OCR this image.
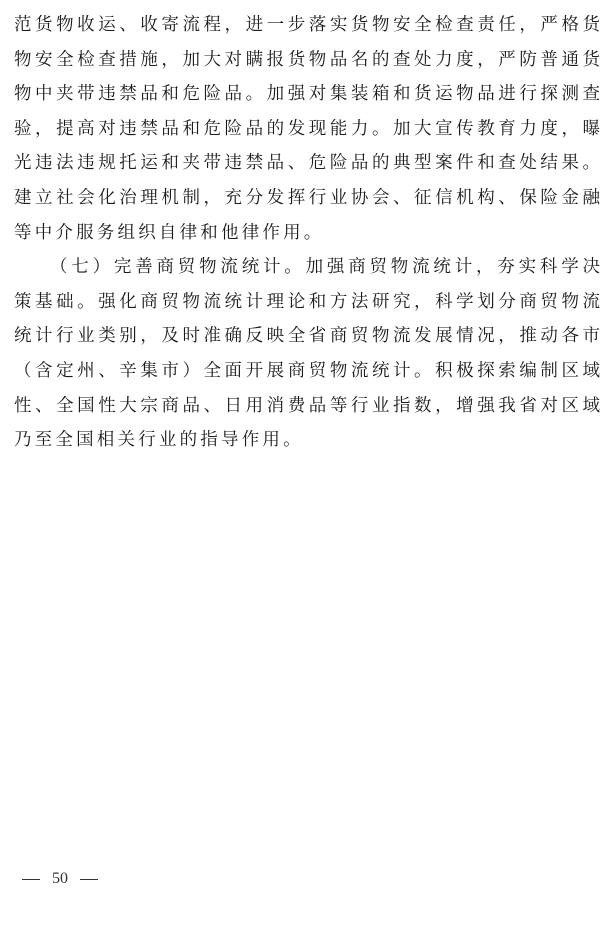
范货物收运、收寄流程，进一步落实货物安全检查责任，严格货
物安全检查措施，加大对瞒报货物品名的查处力度，严防普通货
物中夹带违禁品和危险品。加强对集装箱和货运物品进行探测查
验，提高对违禁品和危险品的发现能力。加大宣传教育力度，曝
光违法违规托运和夹带违禁品、危险品的典型案件和查处结果。
建立社会化治理机制，充分发挥行业协会、征信机构、保险金融
等中介服务组织自律和他律作用。
（七）完善商贸物流统计。加强商贸物流统计，夯实科学决
策基础。强化商贸物流统计理论和方法研究，科学划分商贸物流
统计行业类别，及时准确反映全省商贸物流发展情况，推动各市
（含定州、辛集市）全面开展商贸物流统计。积极探索编制区域
性、全国性大宗商品、日用消费品等行业指数，增强我省对区域
乃至全国相关行业的指导作用。
50
